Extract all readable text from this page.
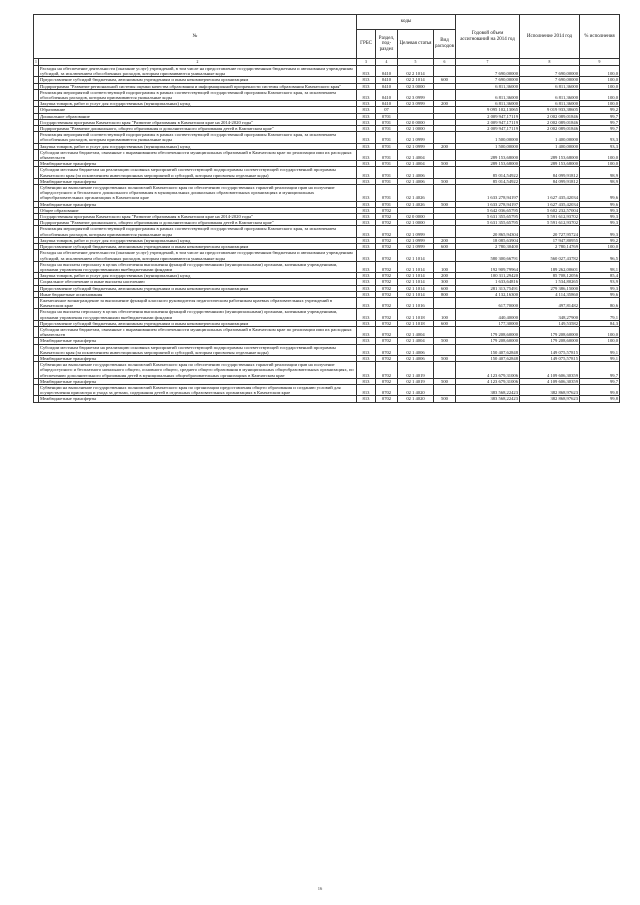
№		коды				Годовой объем ассигнований на 2014 год	Исполнение 2014 год	% исполнения
		ГРБС	Раздел, под-раздел	Целевая статья	Вид расходов			
1	2	3	4	5	6	7	8	9
	Расходы на обеспечение деятельности (оказание услуг) учреждений, в том числе на предоставление государственным бюджетным и автономным учреждениям субсидий, за исключением обособленных расходов, которым присваиваются уникальные коды	813	0410	02 2 1014		7 690,00000	7 690,00000	100,0
	Предоставление субсидий бюджетным, автономным учреждениям и иным некоммерческим организациям	813	0410	02 2 1014	600	7 690,00000	7 690,00000	100,0
	Подпрограмма "Развитие региональной системы оценки качества образования и информационной прозрачности системы образования Камчатского края"	813	0410	02 3 0000		6 811,36000	6 811,36000	100,0
	Реализация мероприятий соответствующей подпрограммы в рамках соответствующей государственной программы Камчатского края, за исключением обособленных расходов, которым присваиваются уникальные коды	813	0410	02 3 0999		6 811,36000	6 811,36000	100,0
	Закупка товаров, работ и услуг для государственных (муниципальных) нужд	813	0410	02 3 0999	200	6 811,36000	6 811,36000	100,0
	Образование	813	07			9 095 102,13065	9 019 933,38605	99,2
	Дошкольное образование	813	0701			2 009 947,17119	2 002 089,01846	99,7
	Государственная программа Камчатского края "Развитие образования в Камчатском крае на 2014-2020 годы"	813	0701	02 0 0000		2 009 947,17119	2 002 089,01846	99,7
	Подпрограмма "Развитие дошкольного, общего образования и дополнительного образования детей в Камчатском крае"	813	0701	02 1 0000		2 009 947,17119	2 002 089,01846	99,7
	Реализация мероприятий соответствующей подпрограммы в рамках соответствующей государственной программы Камчатского края, за исключением обособленных расходов, которым присваиваются уникальные коды	813	0701	02 1 0999		1 500,00000	1 400,00000	93,3
	Закупка товаров, работ и услуг для государственных (муниципальных) нужд	813	0701	02 1 0999	200	1 500,00000	1 400,00000	93,3
	Субсидии местным бюджетам, связанные с выравниванием обеспеченности муниципальных образований в Камчатском крае по реализации ими их расходных обязательств	813	0701	02 1 4004		289 153,68000	289 153,68000	100,0
	Межбюджетные трансферты	813	0701	02 1 4004	500	289 153,68000	289 153,68000	100,0
	Субсидии местным бюджетам на реализацию основных мероприятий соответствующей подпрограммы соответствующей государственной программы Камчатского края (за исключением инвестиционных мероприятий и субсидий, которым присвоены отдельные коды)	813	0701	02 1 4006		85 014,54922	84 099,91812	98,9
	Межбюджетные трансферты	813	0701	02 1 4006	500	85 014,54922	84 099,91812	98,9
	Субвенции на выполнение государственных полномочий Камчатского края по обеспечению государственных гарантий реализации прав на получение общедоступного и бесплатного дошкольного образования в муниципальных дошкольных образовательных организациях и муниципальных общеобразовательных организациях в Камчатском крае	813	0701	02 1 4026		1 633 278,94197	1 627 435,42034	99,6
	Межбюджетные трансферты	813	0701	02 1 4026	500	1 633 278,94197	1 627 435,42034	99,6
	Общее образование	813	0702			5 642 036,65795	5 602 232,57004	99,3
	Государственная программа Камчатского края "Развитие образования в Камчатском крае на 2014-2020 годы"	813	0702	02 0 0000		5 631 355,65795	5 591 612,93702	99,3
	Подпрограмма "Развитие дошкольного, общего образования и дополнительного образования детей в Камчатском крае"	813	0702	02 1 0000		5 631 355,65795	5 591 612,93702	99,3
	Реализация мероприятий соответствующей подпрограммы в рамках соответствующей государственной программы Камчатского края, за исключением обособленных расходов, которым присваиваются уникальные коды	813	0702	02 1 0999		20 865,94304	20 727,95724	99,3
	Закупка товаров, работ и услуг для государственных (муниципальных) нужд	813	0702	02 1 0999	200	18 085,63904	17 947,80955	99,2
	Предоставление субсидий бюджетным, автономным учреждениям и иным некоммерческим организациям	813	0702	02 1 0999	600	2 780,30400	2 780,14769	100,0
	Расходы на обеспечение деятельности (оказание услуг) учреждений, в том числе на предоставление государственным бюджетным и автономным учреждениям субсидий, за исключением обособленных расходов, которым присваиваются уникальные коды	813	0702	02 1 1014		580 300,66791	560 027,43782	96,5
	Расходы на выплаты персоналу в целях обеспечения выполнения функций государственными (муниципальными) органами, казенными учреждениями, органами управления государственными внебюджетными фондами	813	0702	02 1 1014	100	192 909,79964	189 262,00601	98,1
	Закупка товаров, работ и услуг для государственных (муниципальных) нужд	813	0702	02 1 1014	200	100 311,29420	85 708,12056	85,4
	Социальное обеспечение и иные выплаты населению	813	0702	02 1 1014	300	1 633,64816	1 534,80265	93,9
	Предоставление субсидий бюджетным, автономным учреждениям и иным некоммерческим организациям	813	0702	02 1 1014	600	281 313,75491	279 386,15000	99,3
	Иные бюджетные ассигнования	813	0702	02 1 1014	800	4 132,16300	4 114,35860	99,6
	Ежемесячное вознаграждение за выполнение функций классного руководителя педагогическим работникам краевых образовательных учреждений в Камчатском крае	813	0702	02 1 1016		617,70000	497,81482	80,6
	Расходы на выплаты персоналу в целях обеспечения выполнения функций государственными (муниципальными) органами, казенными учреждениями, органами управления государственными внебюджетными фондами	813	0702	02 1 1018	100	440,40000	348,27900	79,1
	Предоставление субсидий бюджетным, автономным учреждениям и иным некоммерческим организациям	813	0702	02 1 1018	600	177,30000	149,53582	84,3
	Субсидии местным бюджетам, связанные с выравниванием обеспеченности муниципальных образований в Камчатском крае по реализации ими их расходных обязательств	813	0702	02 1 4004		179 208,60000	179 208,60000	100,0
	Межбюджетные трансферты	813	0702	02 1 4004	500	179 208,60000	179 208,60000	100,0
	Субсидии местным бюджетам на реализацию основных мероприятий соответствующей подпрограммы соответствующей государственной программы Камчатского края (за исключением инвестиционных мероприятий и субсидий, которым присвоены отдельные коды)	813	0702	02 1 4006		150 407,62848	149 075,57815	99,1
	Межбюджетные трансферты	813	0702	02 1 4006	500	150 407,62848	149 075,57815	99,1
	Субвенции на выполнение государственных полномочий Камчатского края по обеспечению государственных гарантий реализации прав на получение общедоступного и бесплатного начального общего, основного общего, среднего общего образования в муниципальных общеобразовательных организациях, по обеспечению дополнительного образования детей в муниципальных общеобразовательных организациях в Камчатском крае	813	0702	02 1 4019		4 123 679,31006	4 109 606,30359	99,7
	Межбюджетные трансферты	813	0702	02 1 4019	500	4 123 679,31006	4 109 606,30359	99,7
	Субвенции на выполнение государственных полномочий Камчатского края по организации предоставления общего образования и созданию условий для осуществления присмотра и ухода за детьми, содержания детей в отдельных образовательных организациях в Камчатском крае	813	0702	02 1 4020		383 568,22423	382 868,97623	99,8
	Межбюджетные трансферты	813	0702	02 1 4020	500	383 568,22423	382 868,97623	99,8
16
